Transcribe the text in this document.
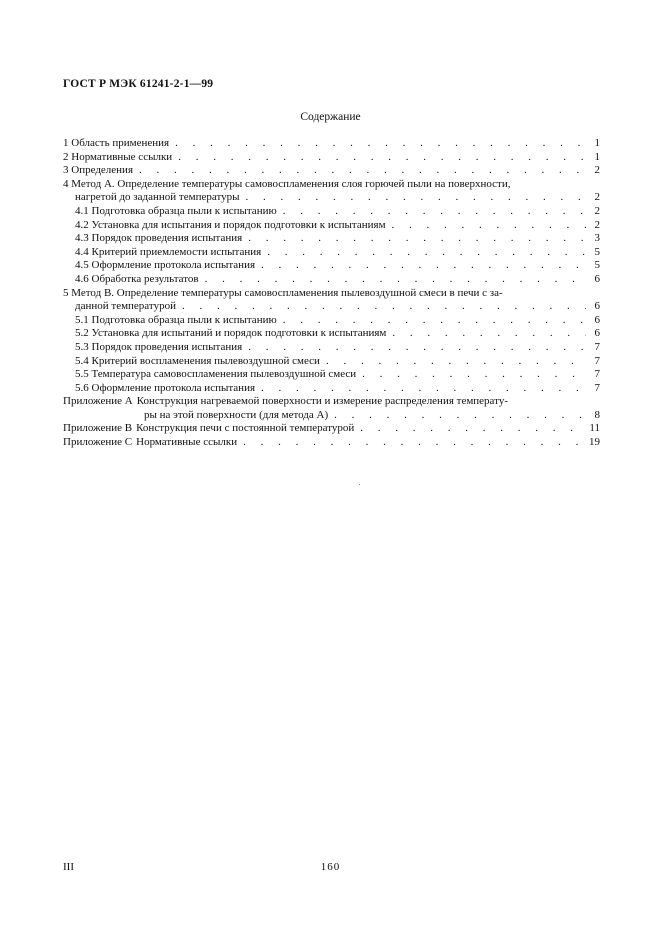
ГОСТ Р МЭК 61241-2-1—99
Содержание
1 Область применения . . .	1
2 Нормативные ссылки . . .	1
3 Определения . . .	2
4 Метод А. Определение температуры самовоспламенения слоя горючей пыли на поверхности,
нагретой до заданной температуры . . .	2
4.1 Подготовка образца пыли к испытанию . . .	2
4.2 Установка для испытания и порядок подготовки к испытаниям . . .	2
4.3 Порядок проведения испытания . . .	3
4.4 Критерий приемлемости испытания . . .	5
4.5 Оформление протокола испытания . . .	5
4.6 Обработка результатов . . .	6
5 Метод В. Определение температуры самовоспламенения пылевоздушной смеси в печи с за-
данной температурой . . .	6
5.1 Подготовка образца пыли к испытанию . . .	6
5.2 Установка для испытаний и порядок подготовки к испытаниям . . .	6
5.3 Порядок проведения испытания . . .	7
5.4 Критерий воспламенения пылевоздушной смеси . . .	7
5.5 Температура самовоспламенения пылевоздушной смеси . . .	7
5.6 Оформление протокола испытания . . .	7
Приложение А Конструкция нагреваемой поверхности и измерение распределения температу-
ры на этой поверхности (для метода А) . . .	8
Приложение В Конструкция печи с постоянной температурой . . .	11
Приложение С Нормативные ссылки . . .	19
III	160
